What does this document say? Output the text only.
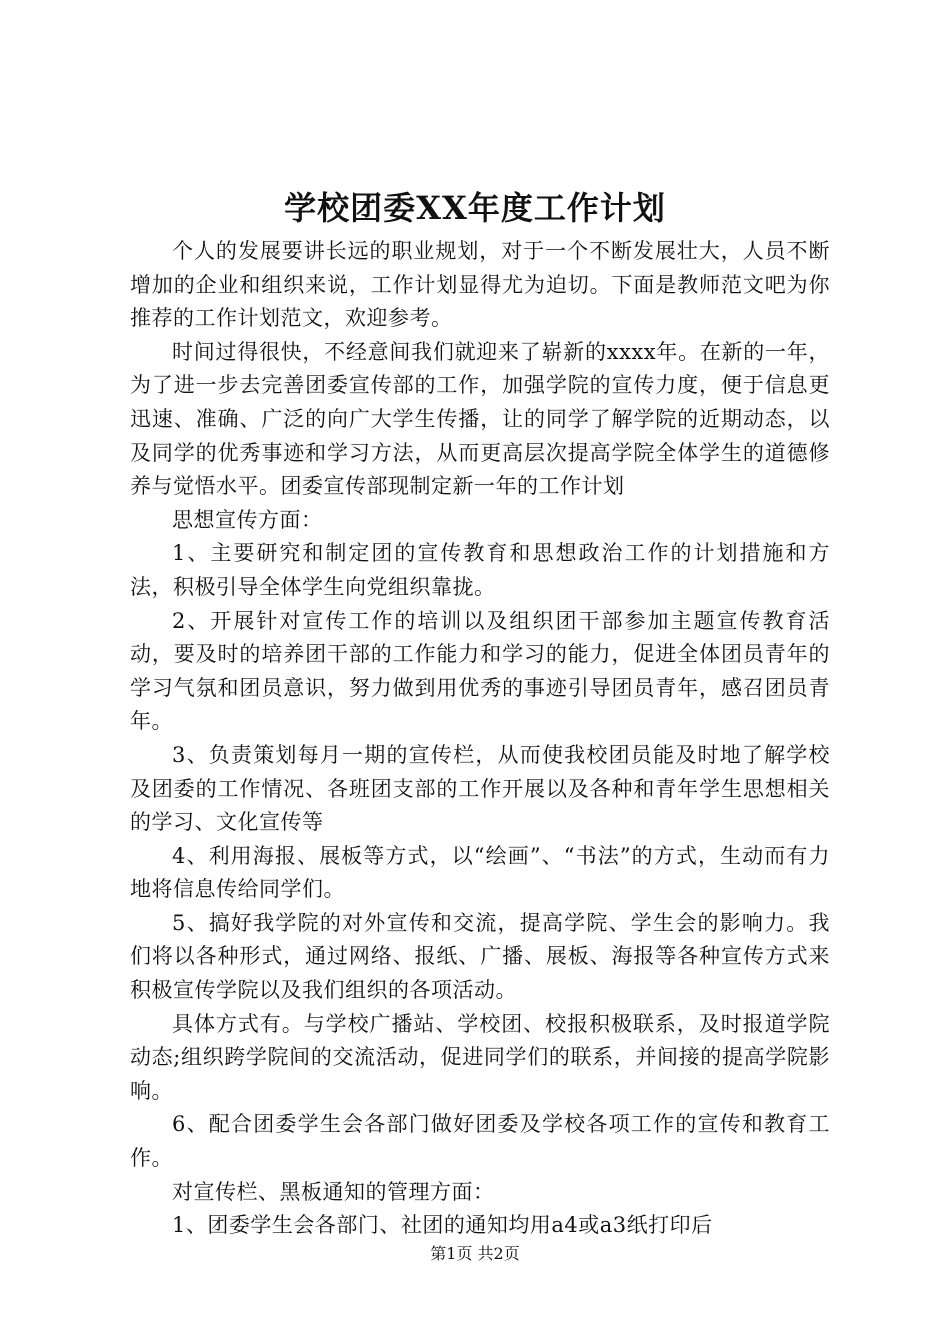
学校团委XX年度工作计划

个人的发展要讲长远的职业规划，对于一个不断发展壮大，人员不断增加的企业和组织来说，工作计划显得尤为迫切。下面是教师范文吧为你推荐的工作计划范文，欢迎参考。

时间过得很快，不经意间我们就迎来了崭新的xxxx年。在新的一年，为了进一步去完善团委宣传部的工作，加强学院的宣传力度，便于信息更迅速、准确、广泛的向广大学生传播，让的同学了解学院的近期动态，以及同学的优秀事迹和学习方法，从而更高层次提高学院全体学生的道德修养与觉悟水平。团委宣传部现制定新一年的工作计划

思想宣传方面：

1、主要研究和制定团的宣传教育和思想政治工作的计划措施和方法，积极引导全体学生向党组织靠拢。

2、开展针对宣传工作的培训以及组织团干部参加主题宣传教育活动，要及时的培养团干部的工作能力和学习的能力，促进全体团员青年的学习气氛和团员意识，努力做到用优秀的事迹引导团员青年，感召团员青年。

3、负责策划每月一期的宣传栏，从而使我校团员能及时地了解学校及团委的工作情况、各班团支部的工作开展以及各种和青年学生思想相关的学习、文化宣传等

4、利用海报、展板等方式，以“绘画”、“书法”的方式，生动而有力地将信息传给同学们。

5、搞好我学院的对外宣传和交流，提高学院、学生会的影响力。我们将以各种形式，通过网络、报纸、广播、展板、海报等各种宣传方式来积极宣传学院以及我们组织的各项活动。

具体方式有。与学校广播站、学校团、校报积极联系，及时报道学院动态;组织跨学院间的交流活动，促进同学们的联系，并间接的提高学院影响。

6、配合团委学生会各部门做好团委及学校各项工作的宣传和教育工作。

对宣传栏、黑板通知的管理方面：

1、团委学生会各部门、社团的通知均用a4或a3纸打印后

第1页 共2页
